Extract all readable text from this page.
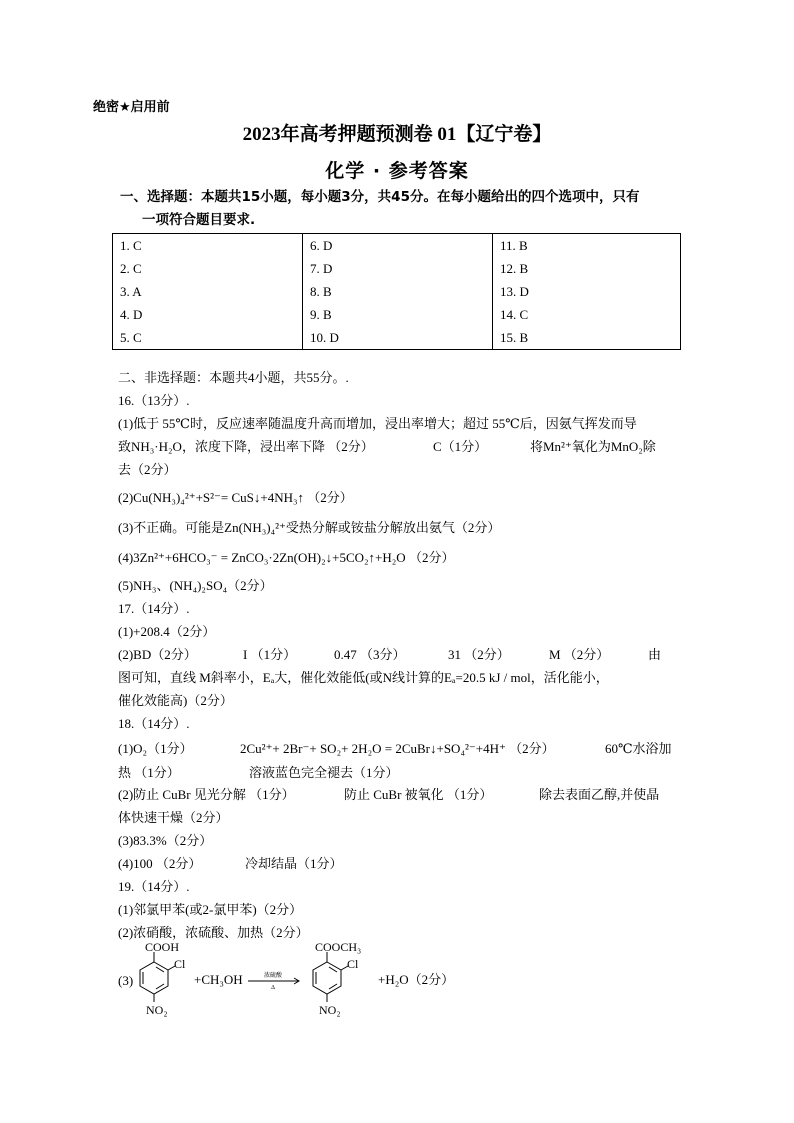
绝密★启用前
2023年高考押题预测卷 01【辽宁卷】
化学 · 参考答案
一、选择题：本题共15小题，每小题3分，共45分。在每小题给出的四个选项中，只有
一项符合题目要求.
1. C	6. D	11. B
2. C	7. D	12. B
3. A	8. B	13. D
4. D	9. B	14. C
5. C	10. D	15. B
二、非选择题：本题共4小题，共55分。.
16.（13分）.
(1)低于 55℃时，反应速率随温度升高而增加，浸出率增大；超过 55℃后，因氨气挥发而导
致NH₃·H₂O，浓度下降，浸出率下降 （2分）	C（1分）	将Mn²⁺氧化为MnO₂除
去（2分）
(2)Cu(NH₃)₄²⁺+S²⁻= CuS↓+4NH₃↑ （2分）
(3)不正确。可能是Zn(NH₃)₄²⁺受热分解或铵盐分解放出氨气（2分）
(4)3Zn²⁺+6HCO₃⁻ = ZnCO₃·2Zn(OH)₂↓+5CO₂↑+H₂O （2分）
(5)NH₃、(NH₄)₂SO₄（2分）
17.（14分）.
(1)+208.4（2分）
(2)BD（2分）	I （1分）	0.47 （3分）	31 （2分）	M （2分）	由
图可知，直线 M斜率小，Eₐ大，催化效能低(或N线计算的Eₐ=20.5 kJ / mol，活化能小，
催化效能高)（2分）
18.（14分）.
(1)O₂（1分）	2Cu²⁺+ 2Br⁻+ SO₂+ 2H₂O = 2CuBr↓+SO₄²⁻+4H⁺ （2分）	60℃水浴加
热 （1分）	溶液蓝色完全褪去（1分）
(2)防止 CuBr 见光分解 （1分）	防止 CuBr 被氧化 （1分）	除去表面乙醇,并使晶
体快速干燥（2分）
(3)83.3%（2分）
(4)100 （2分）	冷却结晶（1分）
19.（14分）.
(1)邻氯甲苯(或2-氯甲苯)（2分）
(2)浓硝酸，浓硫酸、加热（2分）
(3)
COOH
Cl
NO₂
+CH₃OH	浓硫酸
Δ
COOCH₃
Cl
NO₂
+H₂O（2分）
